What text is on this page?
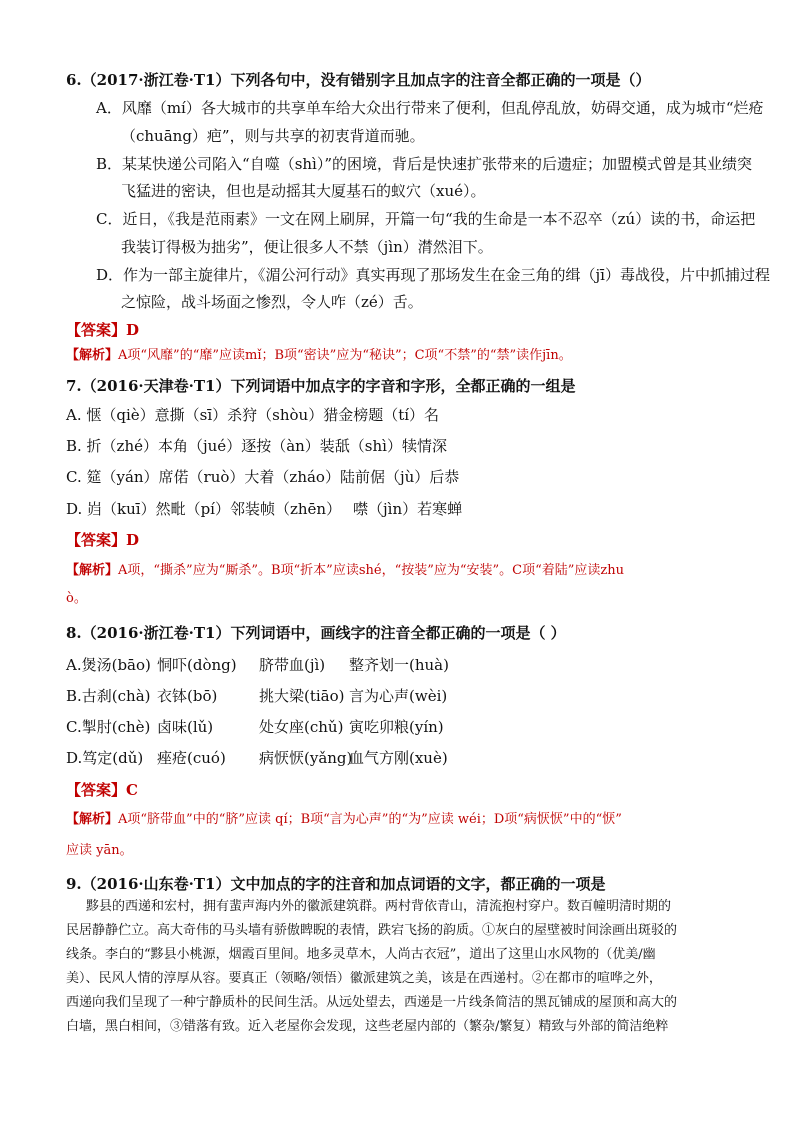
6.（2017·浙江卷·T1）下列各句中，没有错别字且加点字的注音全都正确的一项是（）
A．风靡（mí）各大城市的共享单车给大众出行带来了便利，但乱停乱放，妨碍交通，成为城市“烂疮
（chuāng）疤”，则与共享的初衷背道而驰。
B．某某快递公司陷入“自噬（shì）”的困境，背后是快速扩张带来的后遗症；加盟模式曾是其业绩突
飞猛进的密诀，但也是动摇其大厦基石的蚁穴（xué）。
C．近日，《我是范雨素》一文在网上刷屏，开篇一句“我的生命是一本不忍卒（zú）读的书，命运把
我装订得极为拙劣”，便让很多人不禁（jìn）潸然泪下。
D．作为一部主旋律片，《湄公河行动》真实再现了那场发生在金三角的缉（jī）毒战役，片中抓捕过程
之惊险，战斗场面之惨烈，令人咋（zé）舌。
【答案】D
【解析】A项“风靡”的“靡”应读mǐ；B项“密诀”应为“秘诀”；C项“不禁”的“禁”读作jīn。
7.（2016·天津卷·T1）下列词语中加点字的字音和字形，全都正确的一组是
A. 惬（qiè）意撕（sī）杀狩（shòu）猎金榜题（tí）名
B. 折（zhé）本角（jué）逐按（àn）装舐（shì）犊情深
C. 筵（yán）席偌（ruò）大着（zháo）陆前倨（jù）后恭
D. 岿（kuī）然毗（pí）邻装帧（zhēn） 噤（jìn）若寒蝉
【答案】D
【解析】A项，“撕杀”应为“厮杀”。B项“折本”应读shé，“按装”应为“安装”。C项“着陆”应读zhu
ò。
8.（2016·浙江卷·T1）下列词语中，画线字的注音全都正确的一项是（ ）
A.煲汤(bāo) 恫吓(dòng) 脐带血(jì) 整齐划一(huà)
B.古刹(chà) 衣钵(bō)	挑大梁(tiāo) 言为心声(wèi)
C.掣肘(chè) 卤味(lǔ)	处女座(chǔ) 寅吃卯粮(yín)
D.笃定(dǔ) 痤疮(cuó) 病恹恹(yǎng)
血气方刚(xuè)
【答案】C
【解析】A项“脐带血”中的“脐”应读 qí；B项“言为心声”的“为”应读 wéi；D项“病恹恹”中的“恹”
应读 yān。
9.（2016·山东卷·T1）文中加点的字的注音和加点词语的文字，都正确的一项是
黟县的西递和宏村，拥有蜚声海内外的徽派建筑群。两村背依青山，清流抱村穿户。数百幢明清时期的
民居静静伫立。高大奇伟的马头墙有骄傲睥睨的表情，跌宕飞扬的韵质。①灰白的屋壁被时间涂画出斑驳的
线条。李白的“黟县小桃源，烟霞百里间。地多灵草木，人尚古衣冠”，道出了这里山水风物的（优美/幽
美）、民风人情的淳厚从容。要真正（领略/领悟）徽派建筑之美，该是在西递村。②在都市的喧哗之外，
西递向我们呈现了一种宁静质朴的民间生活。从远处望去，西递是一片线条简洁的黑瓦铺成的屋顶和高大的
白墙，黑白相间，③错落有致。近入老屋你会发现，这些老屋内部的（繁杂/繁复）精致与外部的简洁绝粹
